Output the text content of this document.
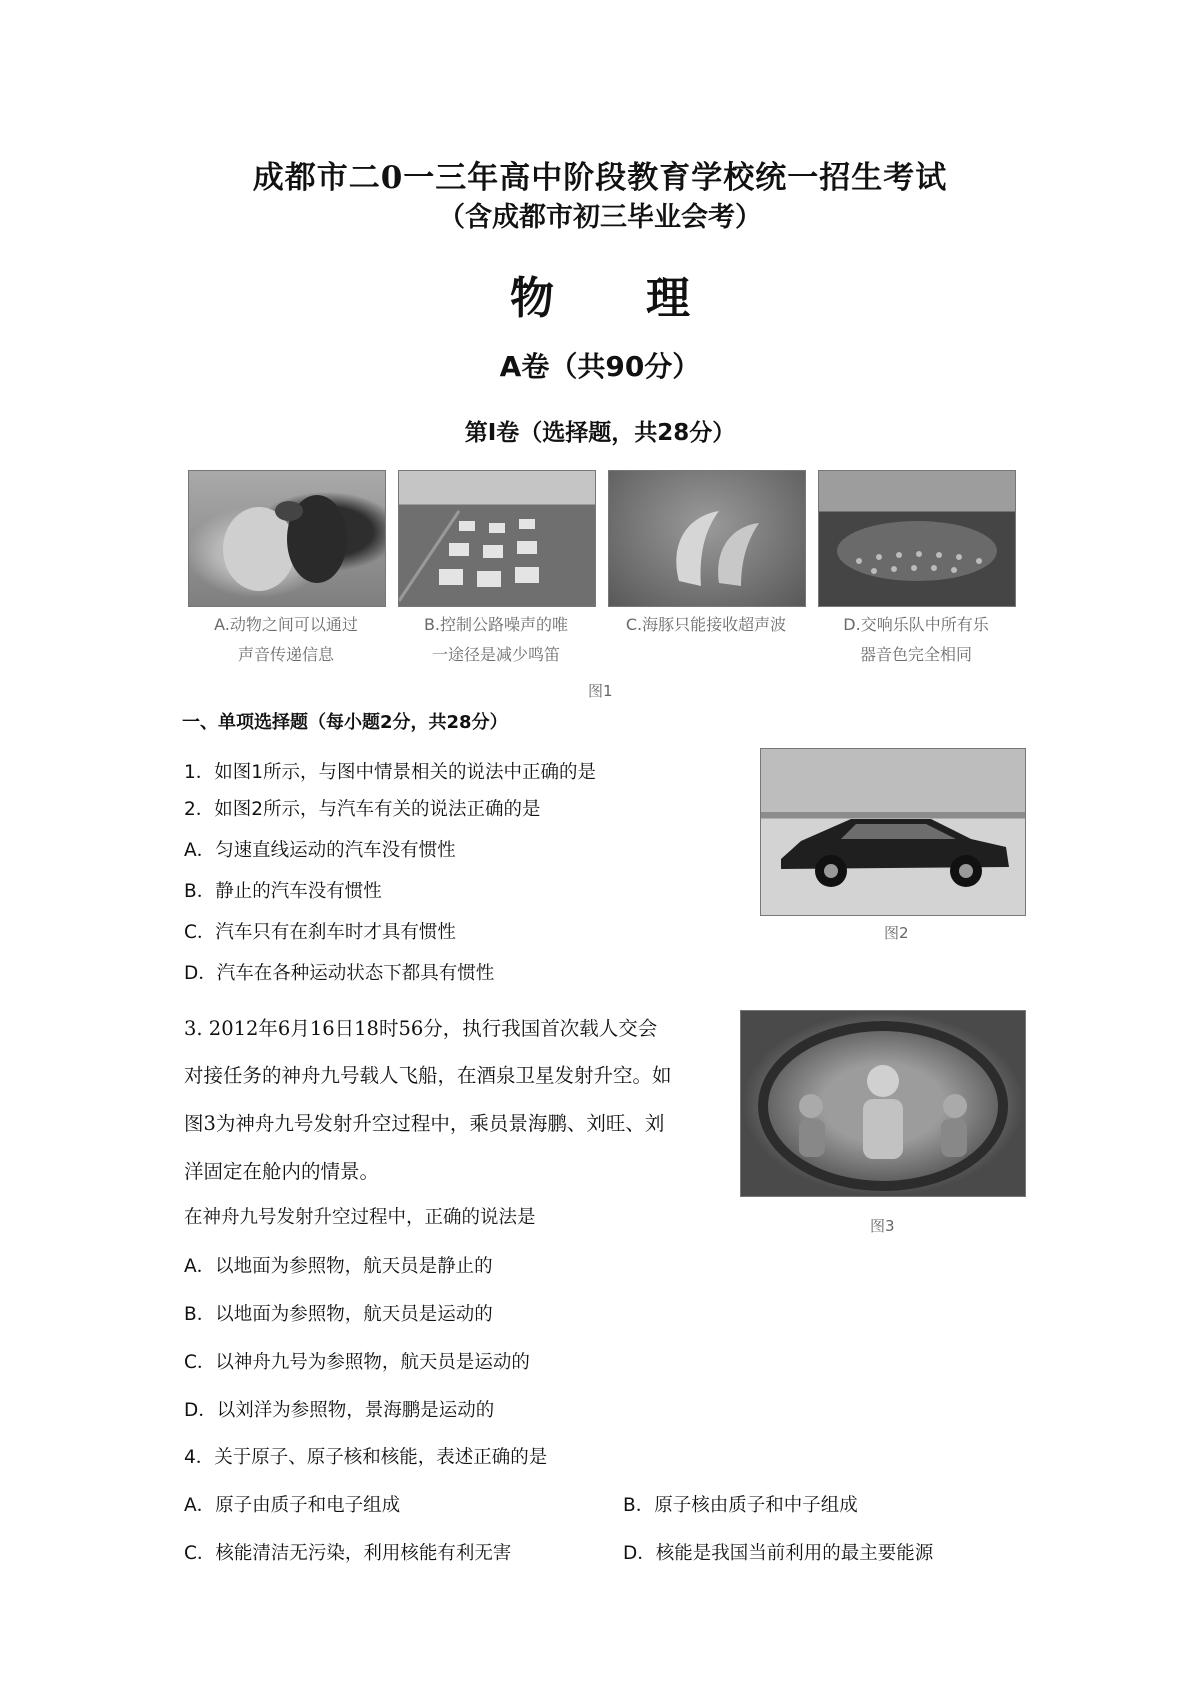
成都市二0一三年高中阶段教育学校统一招生考试
（含成都市初三毕业会考）
物 理
A卷（共90分）
第Ⅰ卷（选择题，共28分）
A.动物之间可以通过
声音传递信息
B.控制公路噪声的唯
一途径是减少鸣笛
C.海豚只能接收超声波	D.交响乐队中所有乐
器音色完全相同
图1
一、单项选择题（每小题2分，共28分）
图2
1．如图1所示，与图中情景相关的说法中正确的是
2．如图2所示，与汽车有关的说法正确的是
A．匀速直线运动的汽车没有惯性
B．静止的汽车没有惯性
C．汽车只有在刹车时才具有惯性
D．汽车在各种运动状态下都具有惯性
图3
3. 2012年6月16日18时56分，执行我国首次载人交会
对接任务的神舟九号载人飞船，在酒泉卫星发射升空。如
图3为神舟九号发射升空过程中，乘员景海鹏、刘旺、刘
洋固定在舱内的情景。
在神舟九号发射升空过程中，正确的说法是
A．以地面为参照物，航天员是静止的
B．以地面为参照物，航天员是运动的
C．以神舟九号为参照物，航天员是运动的
D．以刘洋为参照物，景海鹏是运动的
4．关于原子、原子核和核能，表述正确的是
A．原子由质子和电子组成	B．原子核由质子和中子组成
C．核能清洁无污染，利用核能有利无害	D．核能是我国当前利用的最主要能源
